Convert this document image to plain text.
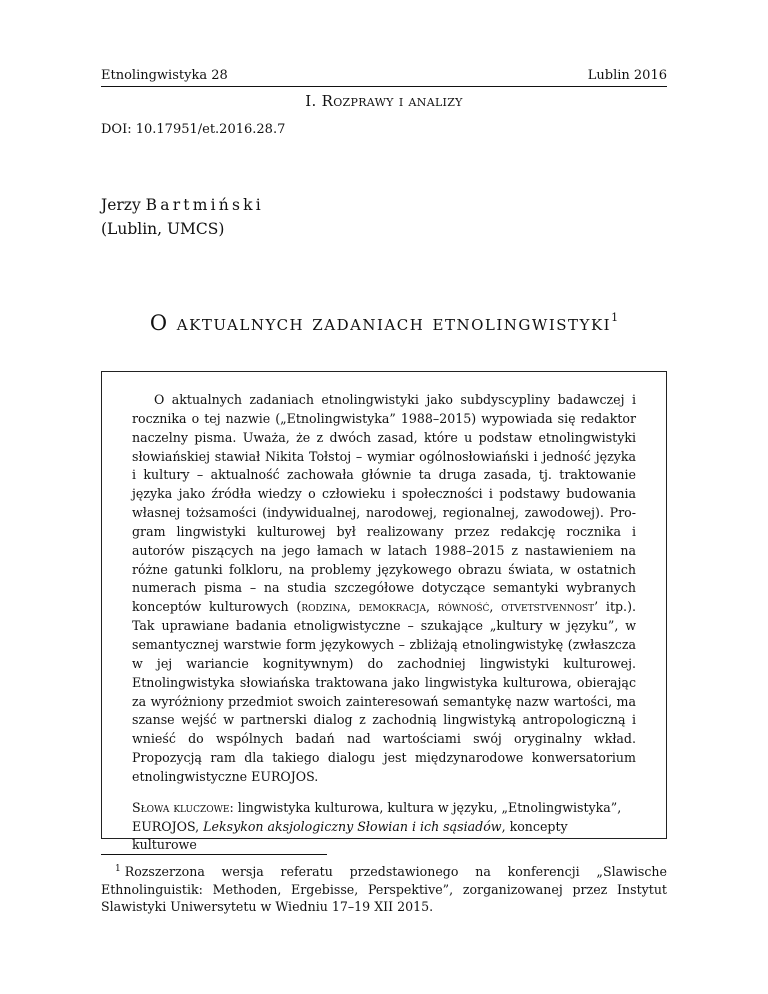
Etnolingwistyka 28	Lublin 2016
I. Rozprawy i analizy
DOI: 10.17951/et.2016.28.7
Jerzy Bartmiński
(Lublin, UMCS)
O aktualnych zadaniach etnolingwistyki$^1$

O aktualnych zadaniach etnolingwistyki jako subdyscypliny badawczej i rocznika o tej nazwie („Etnolingwistyka” 1988–2015) wypowiada się redaktor naczelny pisma. Uważa, że z dwóch zasad, które u podstaw etnolingwistyki słowiańskiej stawiał Nikita Tołstoj – wymiar ogólnosłowiański i jedność języka i kultury – aktualność zachowała głównie ta druga zasada, tj. traktowanie języka jako źródła wiedzy o człowieku i społeczności i podstawy budowania własnej tożsamości (indywidualnej, narodowej, regionalnej, zawodowej). Program lingwistyki kulturowej był realizowany przez redakcję rocznika i autorów piszących na jego łamach w latach 1988–2015 z nastawieniem na różne gatunki folkloru, na problemy językowego obrazu świata, w ostatnich numerach pisma – na studia szczegółowe dotyczące semantyki wybranych konceptów kulturowych (rodzina, demokracja, równość, otvetstvennost’ itp.). Tak uprawiane badania etnoligwistyczne – szukające „kultury w języku”, w semantycznej warstwie form językowych – zbliżają etnolingwistykę (zwłaszcza w jej wariancie kognitywnym) do zachodniej lingwistyki kulturowej. Etnolingwistyka słowiańska traktowana jako lingwistyka kulturowa, obierając za wyróżniony przedmiot swoich zainteresowań semantykę nazw wartości, ma szanse wejść w partnerski dialog z zachodnią lingwistyką antropologiczną i wnieść do wspólnych badań nad wartościami swój oryginalny wkład. Propozycją ram dla takiego dialogu jest międzynarodowe konwersatorium etnolingwistyczne EUROJOS.

Słowa kluczowe: lingwistyka kulturowa, kultura w języku, „Etnolingwistyka”, EUROJOS, Leksykon aksjologiczny Słowian i ich sąsiadów, koncepty kulturowe

$^1$ Rozszerzona wersja referatu przedstawionego na konferencji „Slawische Ethnolinguistik: Methoden, Ergebisse, Perspektive”, zorganizowanej przez Instytut Slawistyki Uniwersytetu w Wiedniu 17–19 XII 2015.
